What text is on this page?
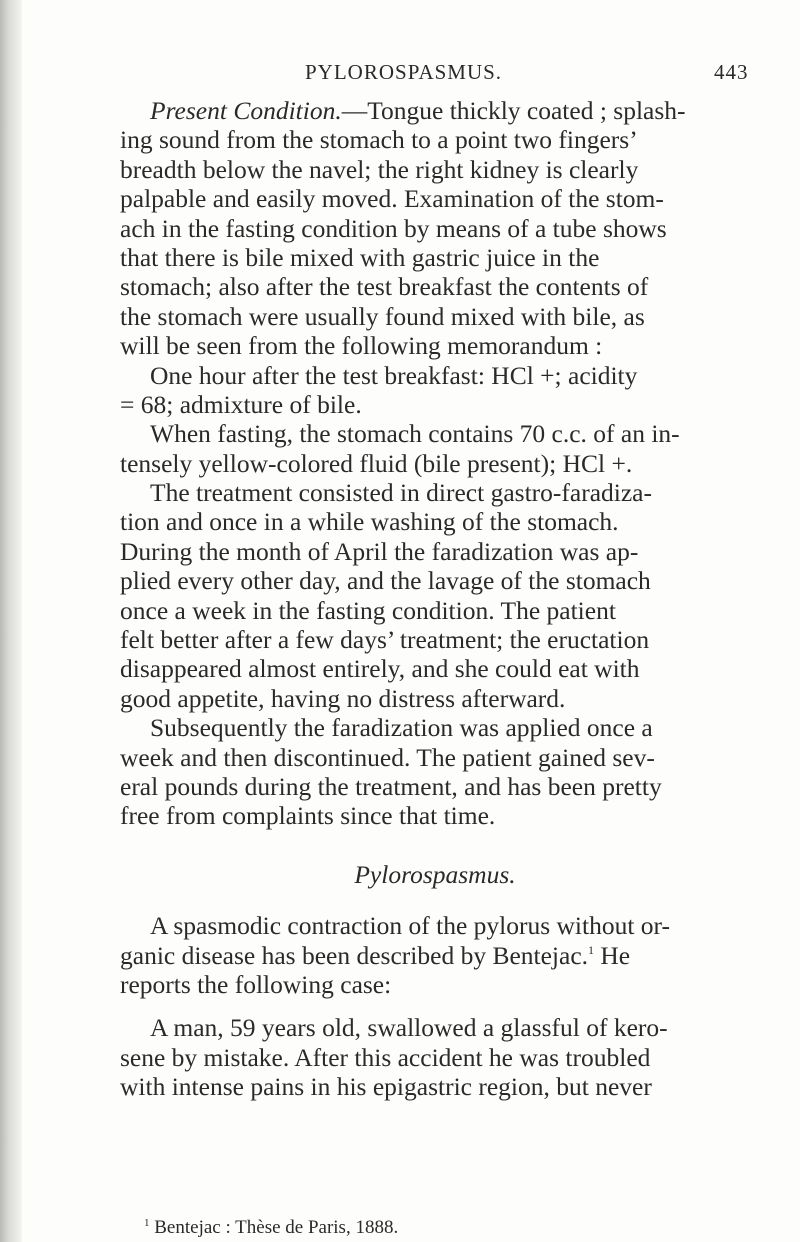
PYLOROSPASMUS.	443
Present Condition.—Tongue thickly coated ; splash-
ing sound from the stomach to a point two fingers’
breadth below the navel; the right kidney is clearly
palpable and easily moved. Examination of the stom-
ach in the fasting condition by means of a tube shows
that there is bile mixed with gastric juice in the
stomach; also after the test breakfast the contents of
the stomach were usually found mixed with bile, as
will be seen from the following memorandum :
One hour after the test breakfast: HCl +; acidity
= 68; admixture of bile.
When fasting, the stomach contains 70 c.c. of an in-
tensely yellow-colored fluid (bile present); HCl +.
The treatment consisted in direct gastro-faradiza-
tion and once in a while washing of the stomach.
During the month of April the faradization was ap-
plied every other day, and the lavage of the stomach
once a week in the fasting condition. The patient
felt better after a few days’ treatment; the eructation
disappeared almost entirely, and she could eat with
good appetite, having no distress afterward.
Subsequently the faradization was applied once a
week and then discontinued. The patient gained sev-
eral pounds during the treatment, and has been pretty
free from complaints since that time.
Pylorospasmus.
A spasmodic contraction of the pylorus without or-
ganic disease has been described by Bentejac.$^1$ He
reports the following case:
A man, 59 years old, swallowed a glassful of kero-
sene by mistake. After this accident he was troubled
with intense pains in his epigastric region, but never
$^1$ Bentejac : Thèse de Paris, 1888.
